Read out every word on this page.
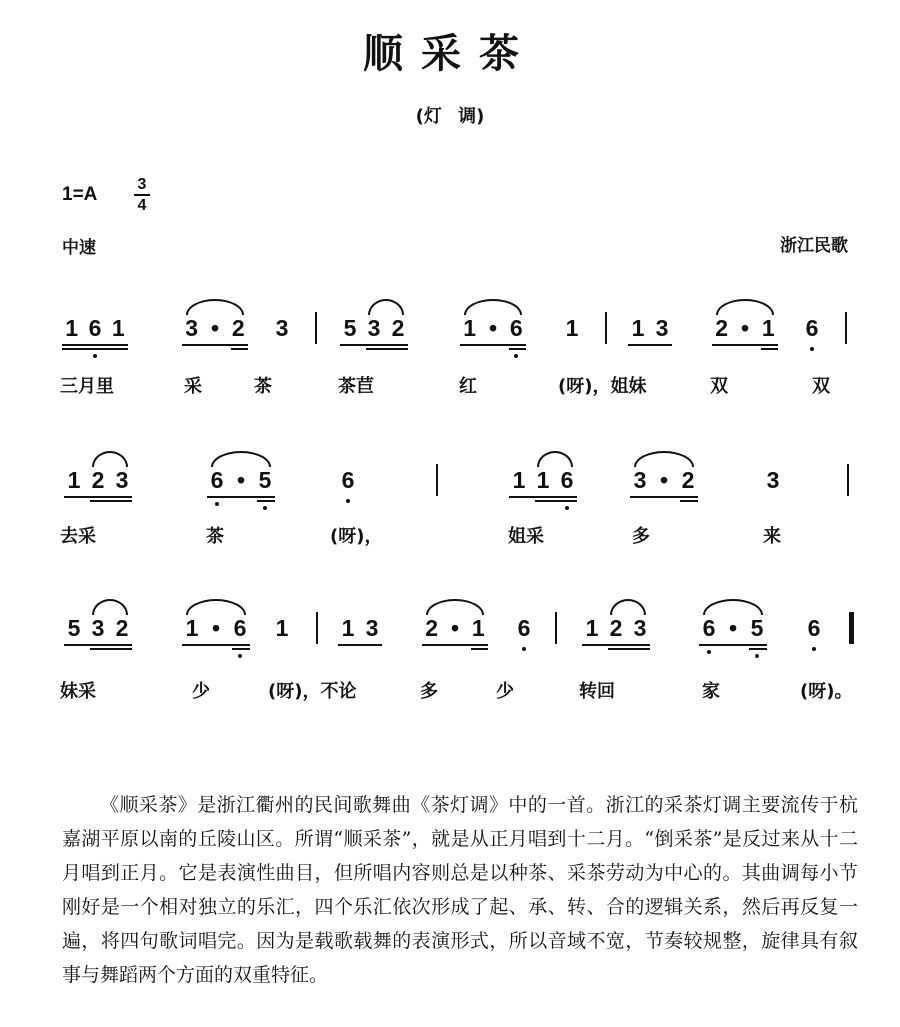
顺采茶
(灯 调)
1=A	3
4
中速	浙江民歌
1 6 1	3 • 2 3 5 3 2	1 • 6 1 1 3 2 • 1 6
三月里	采	茶	茶苣	红	(呀)，姐妹	双	双
1 2 3	6 • 5	6	1 1 6	3 • 2	3
去采	茶	(呀)，	姐采	多	来
5 3 2 1 • 6 1 1 3 2 • 1 6 1 2 3 6 • 5 6
妹采	少	(呀)，不论	多	少	转回	家	(呀)。
《顺采茶》是浙江衢州的民间歌舞曲《茶灯调》中的一首。浙江的采茶灯调主要流传于杭嘉湖平原以南的丘陵山区。所谓“顺采茶”，就是从正月唱到十二月。“倒采茶”是反过来从十二月唱到正月。它是表演性曲目，但所唱内容则总是以种茶、采茶劳动为中心的。其曲调每小节刚好是一个相对独立的乐汇，四个乐汇依次形成了起、承、转、合的逻辑关系，然后再反复一遍，将四句歌词唱完。因为是载歌载舞的表演形式，所以音域不宽，节奏较规整，旋律具有叙事与舞蹈两个方面的双重特征。
